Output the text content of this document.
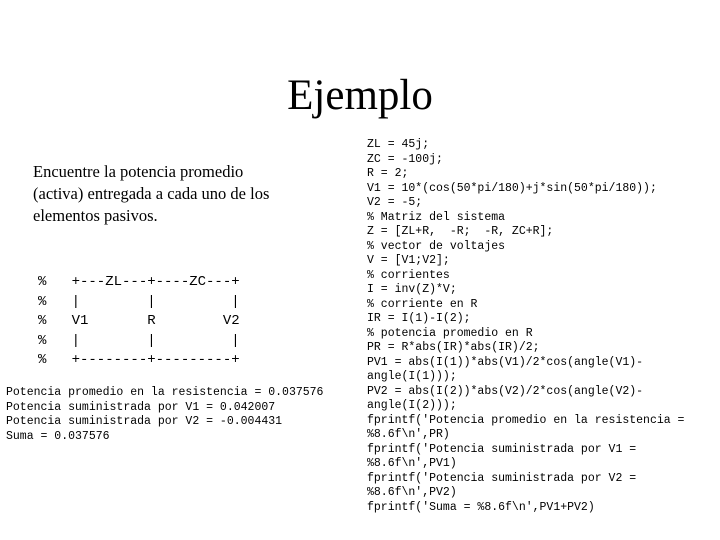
Ejemplo
Encuentre la potencia promedio
(activa) entregada a cada uno de los
elementos pasivos.
%   +---ZL---+----ZC---+
%   |        |         |
%   V1       R        V2
%   |        |         |
%   +--------+---------+
Potencia promedio en la resistencia = 0.037576
Potencia suministrada por V1 = 0.042007
Potencia suministrada por V2 = -0.004431
Suma = 0.037576
ZL = 45j;
ZC = -100j;
R = 2;
V1 = 10*(cos(50*pi/180)+j*sin(50*pi/180));
V2 = -5;
% Matriz del sistema
Z = [ZL+R,  -R;  -R, ZC+R];
% vector de voltajes
V = [V1;V2];
% corrientes
I = inv(Z)*V;
% corriente en R
IR = I(1)-I(2);
% potencia promedio en R
PR = R*abs(IR)*abs(IR)/2;
PV1 = abs(I(1))*abs(V1)/2*cos(angle(V1)-
angle(I(1)));
PV2 = abs(I(2))*abs(V2)/2*cos(angle(V2)-
angle(I(2)));
fprintf('Potencia promedio en la resistencia =
%8.6f\n',PR)
fprintf('Potencia suministrada por V1 =
%8.6f\n',PV1)
fprintf('Potencia suministrada por V2 =
%8.6f\n',PV2)
fprintf('Suma = %8.6f\n',PV1+PV2)
